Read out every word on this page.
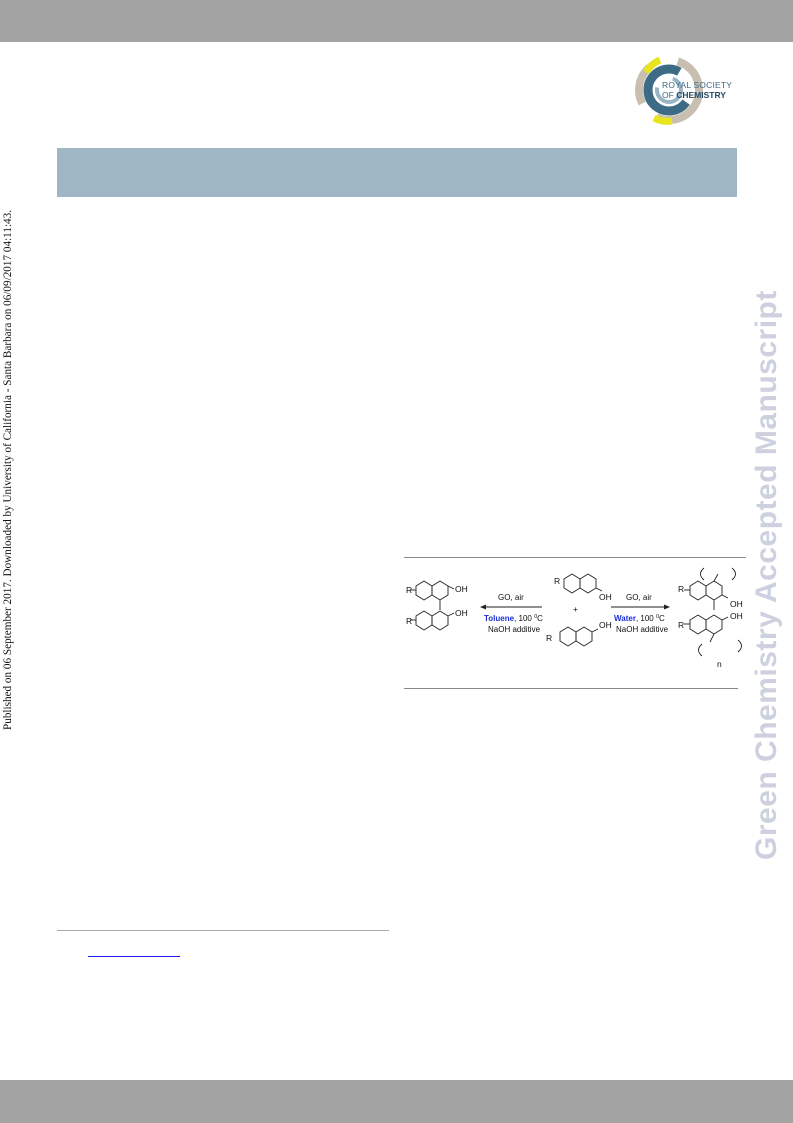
ROYAL SOCIETY
OF CHEMISTRY
Published on 06 September 2017. Downloaded by University of California - Santa Barbara on 06/09/2017 04:11:43.	Green Chemistry Accepted Manuscript
R
R
OH
OH
GO, air
Toluene, 100 $^0$C
NaOH additive
R
OH
+
R
OH
GO, air
Water, 100 $^0$C
NaOH additive
R
R
OH
OH
n
